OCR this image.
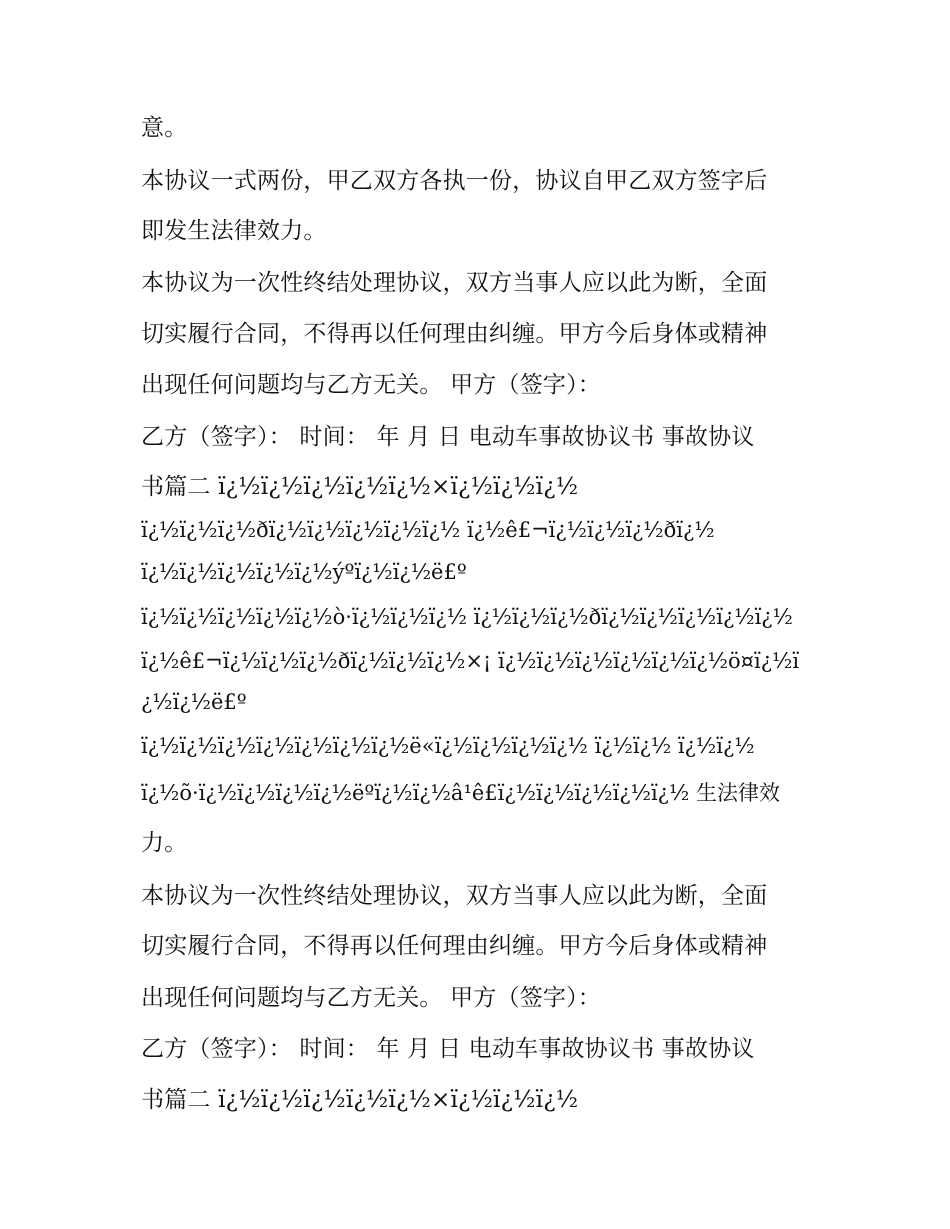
意。
本协议一式两份，甲乙双方各执一份，协议自甲乙双方签字后
即发生法律效力。
本协议为一次性终结处理协议，双方当事人应以此为断，全面
切实履行合同，不得再以任何理由纠缠。甲方今后身体或精神
出现任何问题均与乙方无关。 甲方（签字）：
乙方（签字）： 时间： 年 月 日 电动车事故协议书 事故协议
书篇二 ï¿½ï¿½ï¿½ï¿½ï¿½×ï¿½ï¿½ï¿½
ï¿½ï¿½ï¿½ðï¿½ï¿½ï¿½ï¿½ï¿½ ï¿½ê£¬ï¿½ï¿½ï¿½ðï¿½
ï¿½ï¿½ï¿½ï¿½ï¿½ýºï¿½ï¿½ë£º
ï¿½ï¿½ï¿½ï¿½ï¿½ò·ï¿½ï¿½ï¿½ ï¿½ï¿½ï¿½ðï¿½ï¿½ï¿½ï¿½ï¿½
ï¿½ê£¬ï¿½ï¿½ï¿½ðï¿½ï¿½ï¿½×¡ ï¿½ï¿½ï¿½ï¿½ï¿½ï¿½ö¤ï¿½ï
¿½ï¿½ë£º
ï¿½ï¿½ï¿½ï¿½ï¿½ï¿½ï¿½ë«ï¿½ï¿½ï¿½ï¿½ ï¿½ï¿½ ï¿½ï¿½
ï¿½õ·ï¿½ï¿½ï¿½ï¿½ëºï¿½ï¿½â¹ê£ï¿½ï¿½ï¿½ï¿½ï¿½ 生法律效
力。
本协议为一次性终结处理协议，双方当事人应以此为断，全面
切实履行合同，不得再以任何理由纠缠。甲方今后身体或精神
出现任何问题均与乙方无关。 甲方（签字）：
乙方（签字）： 时间： 年 月 日 电动车事故协议书 事故协议
书篇二 ï¿½ï¿½ï¿½ï¿½ï¿½×ï¿½ï¿½ï¿½
